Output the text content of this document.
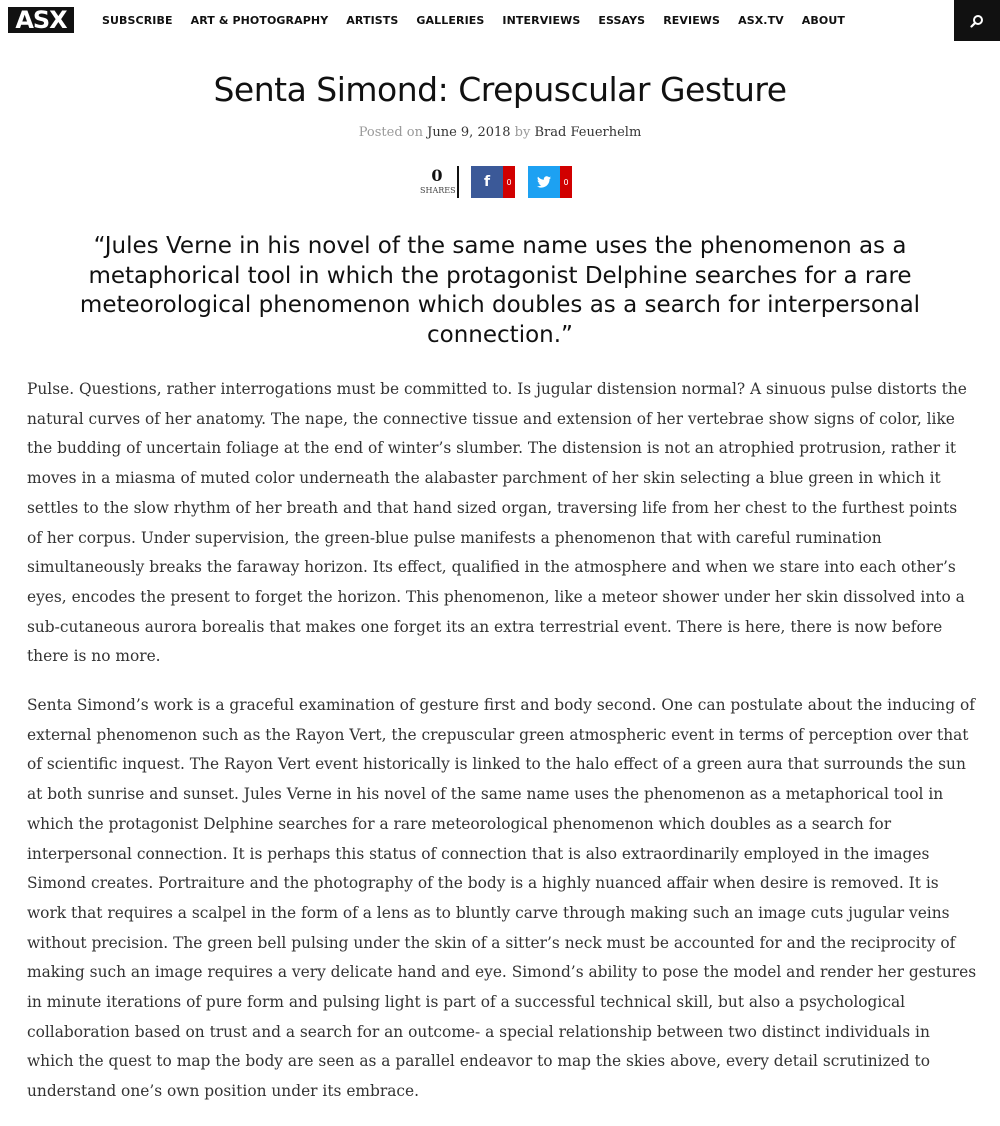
ASX	SUBSCRIBE ART & PHOTOGRAPHY ARTISTS GALLERIES INTERVIEWS ESSAYS REVIEWS ASX.TV ABOUT
Senta Simond: Crepuscular Gesture
Posted on June 9, 2018 by Brad Feuerhelm
0
SHARES
f	0	0

“Jules Verne in his novel of the same name uses the phenomenon as a metaphorical tool in which the protagonist Delphine searches for a rare meteorological phenomenon which doubles as a search for interpersonal connection.”

Pulse. Questions, rather interrogations must be committed to. Is jugular distension normal? A sinuous pulse distorts the natural curves of her anatomy. The nape, the connective tissue and extension of her vertebrae show signs of color, like the budding of uncertain foliage at the end of winter’s slumber. The distension is not an atrophied protrusion, rather it moves in a miasma of muted color underneath the alabaster parchment of her skin selecting a blue green in which it settles to the slow rhythm of her breath and that hand sized organ, traversing life from her chest to the furthest points of her corpus. Under supervision, the green-blue pulse manifests a phenomenon that with careful rumination simultaneously breaks the faraway horizon. Its effect, qualified in the atmosphere and when we stare into each other’s eyes, encodes the present to forget the horizon. This phenomenon, like a meteor shower under her skin dissolved into a sub-cutaneous aurora borealis that makes one forget its an extra terrestrial event. There is here, there is now before there is no more.

Senta Simond’s work is a graceful examination of gesture first and body second. One can postulate about the inducing of external phenomenon such as the Rayon Vert, the crepuscular green atmospheric event in terms of perception over that of scientific inquest. The Rayon Vert event historically is linked to the halo effect of a green aura that surrounds the sun at both sunrise and sunset. Jules Verne in his novel of the same name uses the phenomenon as a metaphorical tool in which the protagonist Delphine searches for a rare meteorological phenomenon which doubles as a search for interpersonal connection. It is perhaps this status of connection that is also extraordinarily employed in the images Simond creates. Portraiture and the photography of the body is a highly nuanced affair when desire is removed. It is work that requires a scalpel in the form of a lens as to bluntly carve through making such an image cuts jugular veins without precision. The green bell pulsing under the skin of a sitter’s neck must be accounted for and the reciprocity of making such an image requires a very delicate hand and eye. Simond’s ability to pose the model and render her gestures in minute iterations of pure form and pulsing light is part of a successful technical skill, but also a psychological collaboration based on trust and a search for an outcome- a special relationship between two distinct individuals in which the quest to map the body are seen as a parallel endeavor to map the skies above, every detail scrutinized to understand one’s own position under its embrace.
